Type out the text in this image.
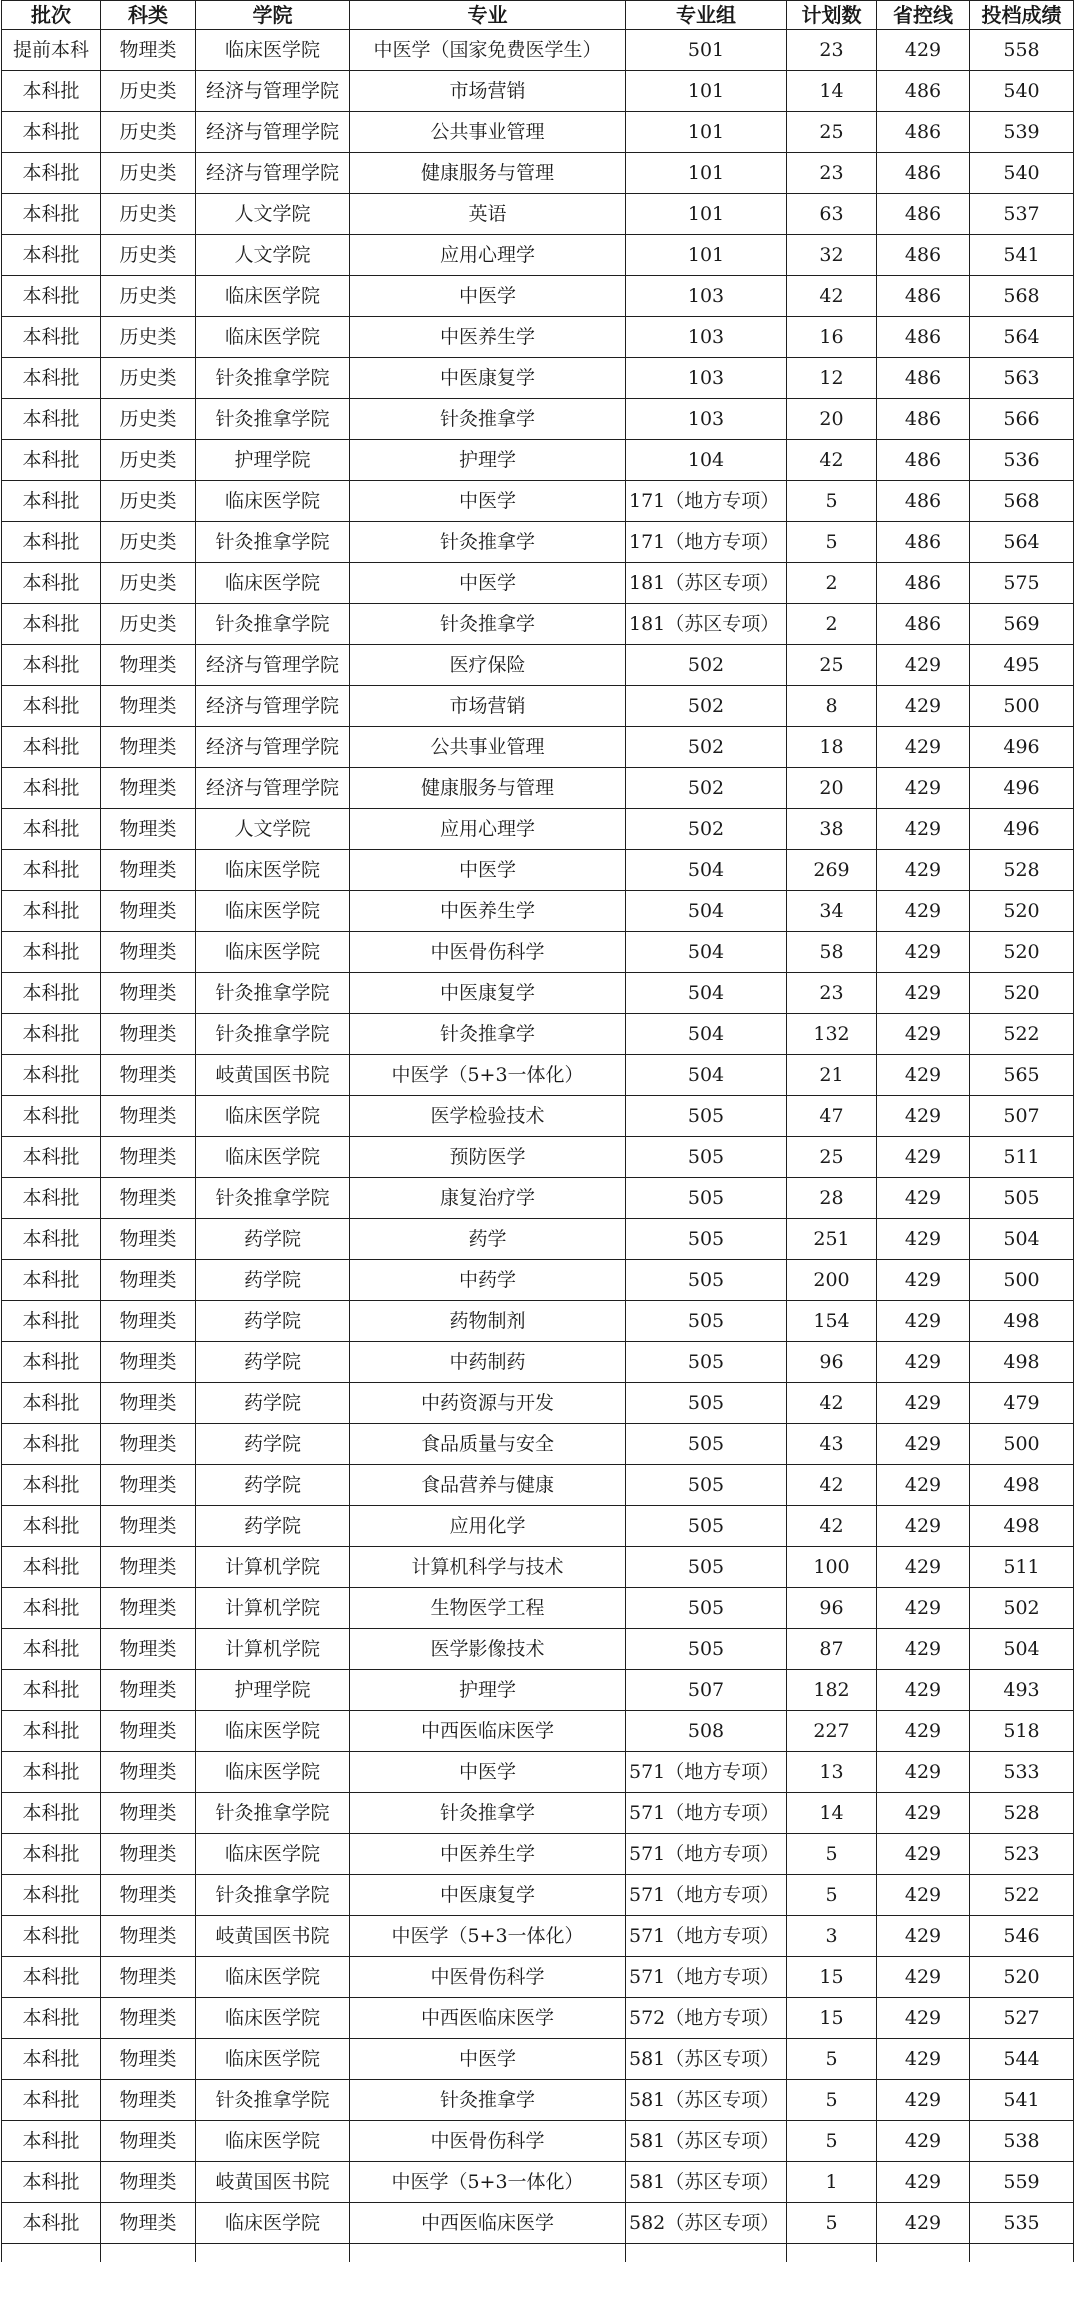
批次	科类	学院	专业	专业组	计划数	省控线	投档成绩
提前本科	物理类	临床医学院	中医学（国家免费医学生）	501	23	429	558
本科批	历史类	经济与管理学院	市场营销	101	14	486	540
本科批	历史类	经济与管理学院	公共事业管理	101	25	486	539
本科批	历史类	经济与管理学院	健康服务与管理	101	23	486	540
本科批	历史类	人文学院	英语	101	63	486	537
本科批	历史类	人文学院	应用心理学	101	32	486	541
本科批	历史类	临床医学院	中医学	103	42	486	568
本科批	历史类	临床医学院	中医养生学	103	16	486	564
本科批	历史类	针灸推拿学院	中医康复学	103	12	486	563
本科批	历史类	针灸推拿学院	针灸推拿学	103	20	486	566
本科批	历史类	护理学院	护理学	104	42	486	536
本科批	历史类	临床医学院	中医学	171（地方专项）	5	486	568
本科批	历史类	针灸推拿学院	针灸推拿学	171（地方专项）	5	486	564
本科批	历史类	临床医学院	中医学	181（苏区专项）	2	486	575
本科批	历史类	针灸推拿学院	针灸推拿学	181（苏区专项）	2	486	569
本科批	物理类	经济与管理学院	医疗保险	502	25	429	495
本科批	物理类	经济与管理学院	市场营销	502	8	429	500
本科批	物理类	经济与管理学院	公共事业管理	502	18	429	496
本科批	物理类	经济与管理学院	健康服务与管理	502	20	429	496
本科批	物理类	人文学院	应用心理学	502	38	429	496
本科批	物理类	临床医学院	中医学	504	269	429	528
本科批	物理类	临床医学院	中医养生学	504	34	429	520
本科批	物理类	临床医学院	中医骨伤科学	504	58	429	520
本科批	物理类	针灸推拿学院	中医康复学	504	23	429	520
本科批	物理类	针灸推拿学院	针灸推拿学	504	132	429	522
本科批	物理类	岐黄国医书院	中医学（5+3一体化）	504	21	429	565
本科批	物理类	临床医学院	医学检验技术	505	47	429	507
本科批	物理类	临床医学院	预防医学	505	25	429	511
本科批	物理类	针灸推拿学院	康复治疗学	505	28	429	505
本科批	物理类	药学院	药学	505	251	429	504
本科批	物理类	药学院	中药学	505	200	429	500
本科批	物理类	药学院	药物制剂	505	154	429	498
本科批	物理类	药学院	中药制药	505	96	429	498
本科批	物理类	药学院	中药资源与开发	505	42	429	479
本科批	物理类	药学院	食品质量与安全	505	43	429	500
本科批	物理类	药学院	食品营养与健康	505	42	429	498
本科批	物理类	药学院	应用化学	505	42	429	498
本科批	物理类	计算机学院	计算机科学与技术	505	100	429	511
本科批	物理类	计算机学院	生物医学工程	505	96	429	502
本科批	物理类	计算机学院	医学影像技术	505	87	429	504
本科批	物理类	护理学院	护理学	507	182	429	493
本科批	物理类	临床医学院	中西医临床医学	508	227	429	518
本科批	物理类	临床医学院	中医学	571（地方专项）	13	429	533
本科批	物理类	针灸推拿学院	针灸推拿学	571（地方专项）	14	429	528
本科批	物理类	临床医学院	中医养生学	571（地方专项）	5	429	523
本科批	物理类	针灸推拿学院	中医康复学	571（地方专项）	5	429	522
本科批	物理类	岐黄国医书院	中医学（5+3一体化）	571（地方专项）	3	429	546
本科批	物理类	临床医学院	中医骨伤科学	571（地方专项）	15	429	520
本科批	物理类	临床医学院	中西医临床医学	572（地方专项）	15	429	527
本科批	物理类	临床医学院	中医学	581（苏区专项）	5	429	544
本科批	物理类	针灸推拿学院	针灸推拿学	581（苏区专项）	5	429	541
本科批	物理类	临床医学院	中医骨伤科学	581（苏区专项）	5	429	538
本科批	物理类	岐黄国医书院	中医学（5+3一体化）	581（苏区专项）	1	429	559
本科批	物理类	临床医学院	中西医临床医学	582（苏区专项）	5	429	535
